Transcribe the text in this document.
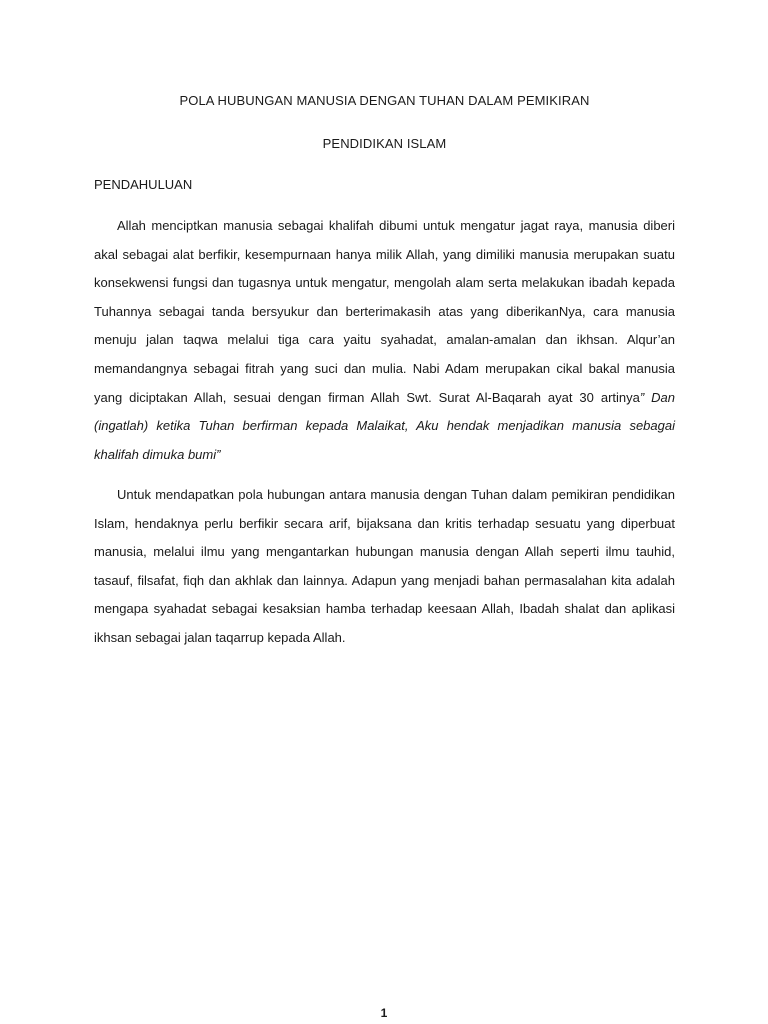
POLA HUBUNGAN MANUSIA DENGAN TUHAN DALAM PEMIKIRAN
PENDIDIKAN ISLAM
PENDAHULUAN

Allah menciptkan manusia sebagai khalifah dibumi untuk mengatur jagat raya, manusia diberi akal sebagai alat berfikir, kesempurnaan hanya milik Allah, yang dimiliki manusia merupakan suatu konsekwensi fungsi dan tugasnya untuk mengatur, mengolah alam serta melakukan ibadah kepada Tuhannya sebagai tanda bersyukur dan berterimakasih atas yang diberikanNya, cara manusia menuju jalan taqwa melalui tiga cara yaitu syahadat, amalan-amalan dan ikhsan. Alqur’an memandangnya sebagai fitrah yang suci dan mulia. Nabi Adam merupakan cikal bakal manusia yang diciptakan Allah, sesuai dengan firman Allah Swt. Surat Al-Baqarah ayat 30 artinya” Dan (ingatlah) ketika Tuhan berfirman kepada Malaikat, Aku hendak menjadikan manusia sebagai khalifah dimuka bumi”

Untuk mendapatkan pola hubungan antara manusia dengan Tuhan dalam pemikiran pendidikan Islam, hendaknya perlu berfikir secara arif, bijaksana dan kritis terhadap sesuatu yang diperbuat manusia, melalui ilmu yang mengantarkan hubungan manusia dengan Allah seperti ilmu tauhid, tasauf, filsafat, fiqh dan akhlak dan lainnya. Adapun yang menjadi bahan permasalahan kita adalah mengapa syahadat sebagai kesaksian hamba terhadap keesaan Allah, Ibadah shalat dan aplikasi ikhsan sebagai jalan taqarrup kepada Allah.

1
